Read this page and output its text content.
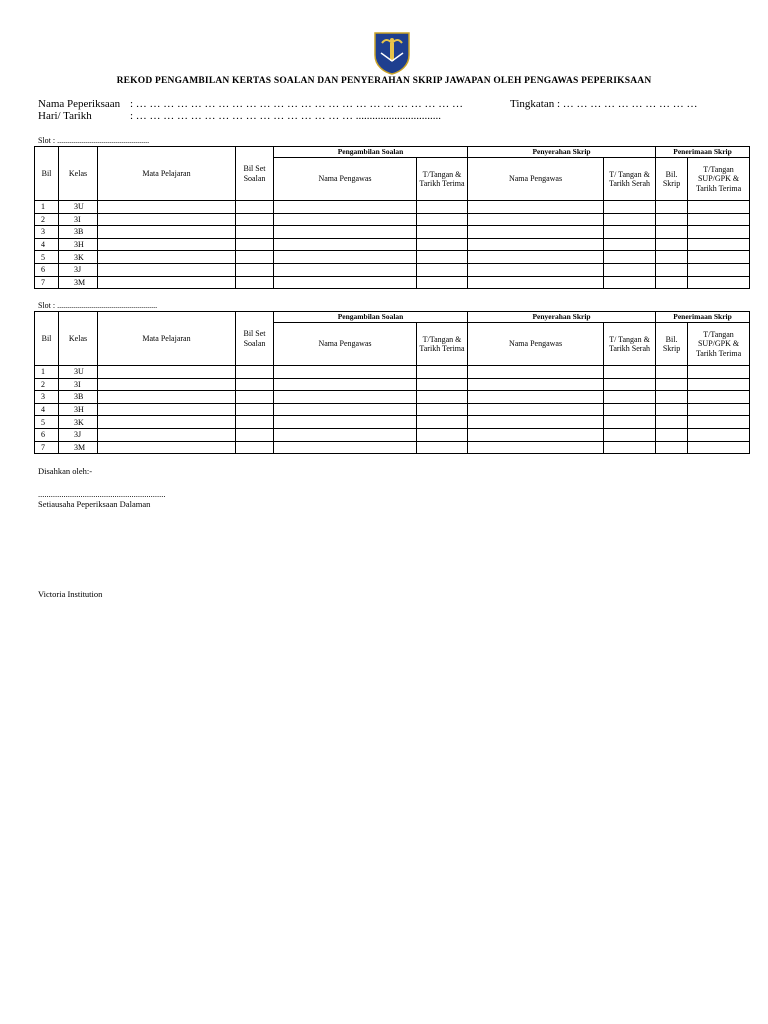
REKOD PENGAMBILAN KERTAS SOALAN DAN PENYERAHAN SKRIP JAWAPAN OLEH PENGAWAS PEPERIKSAAN
Nama Peperiksaan : … … … … … … … … … … … … … … … … … … … … … … … …
Hari/ Tarikh	: … … … … … … … … … … … … … … … … ...............................
Tingkatan : … … … … … … … … … …
Slot : ..............................................
Bil	Kelas	Mata Pelajaran	Bil Set Soalan	Pengambilan Soalan		Penyerahan Skrip		Penerimaan Skrip	
				Nama Pengawas	T/Tangan & Tarikh Terima	Nama Pengawas	T/ Tangan & Tarikh Serah	Bil. Skrip	T/Tangan SUP/GPK & Tarikh Terima
1	3U								
2	3I								
3	3B								
4	3H								
5	3K								
6	3J								
7	3M								
Slot : ..................................................
Bil	Kelas	Mata Pelajaran	Bil Set Soalan	Pengambilan Soalan		Penyerahan Skrip		Penerimaan Skrip	
				Nama Pengawas	T/Tangan & Tarikh Terima	Nama Pengawas	T/ Tangan & Tarikh Serah	Bil. Skrip	T/Tangan SUP/GPK & Tarikh Terima
1	3U								
2	3I								
3	3B								
4	3H								
5	3K								
6	3J								
7	3M								
Disahkan oleh:-
............................................................
Setiausaha Peperiksaan Dalaman
Victoria Institution
